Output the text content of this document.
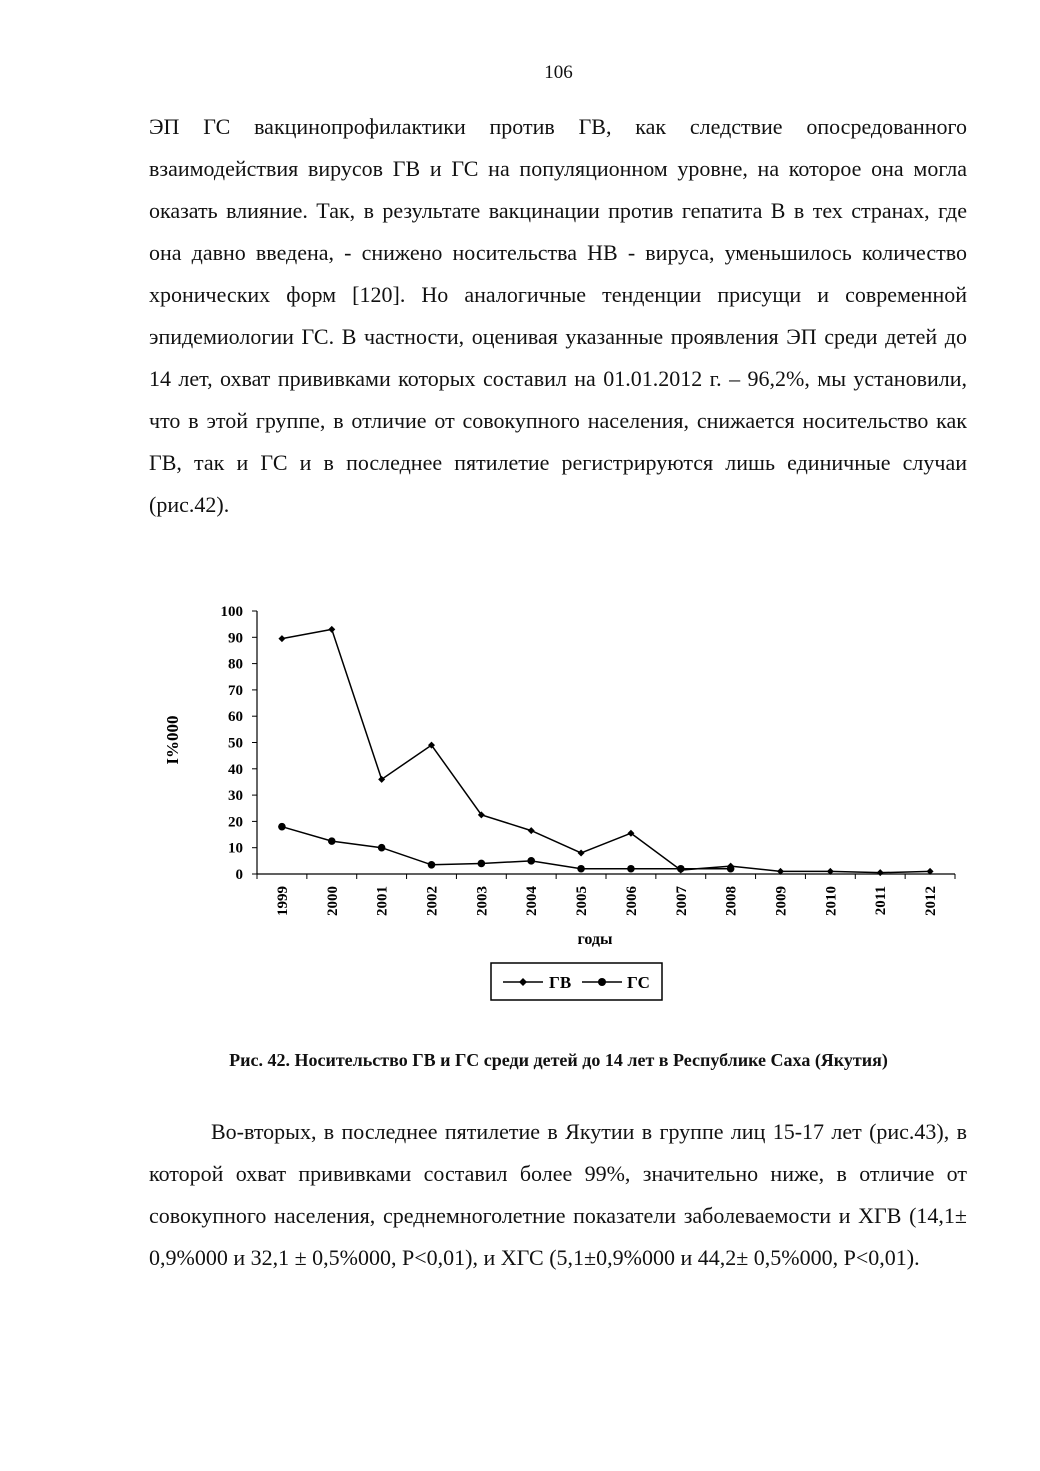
106

ЭП ГС вакцинопрофилактики против ГВ, как следствие опосредованного взаимодействия вирусов ГВ и ГС на популяционном уровне, на которое она могла оказать влияние. Так, в результате вакцинации против гепатита В в тех странах, где она давно введена, - снижено носительства НВ - вируса, уменьшилось количество хронических форм [120]. Но аналогичные тенденции присущи и современной эпидемиологии ГС. В частности, оценивая указанные проявления ЭП среди детей до 14 лет, охват прививками которых составил на 01.01.2012 г. – 96,2%, мы установили, что в этой группе, в отличие от совокупного населения, снижается носительство как ГВ, так и ГС и в последнее пятилетие регистрируются лишь единичные случаи (рис.42).

0
10
20
30
40
50
60
70
80
90
100
1999 2000 2001 2002 2003 2004 2005 2006 2007 2008 2009 2010 2011 2012
I%000
годы
ГВ	ГС
Рис. 42. Носительство ГВ и ГС среди детей до 14 лет в Республике Саха (Якутия)

Во-вторых, в последнее пятилетие в Якутии в группе лиц 15-17 лет (рис.43), в которой охват прививками составил более 99%, значительно ниже, в отличие от совокупного населения, среднемноголетние показатели заболеваемости и ХГВ (14,1± 0,9%000 и 32,1 ± 0,5%000, P<0,01), и ХГС (5,1±0,9%000 и 44,2± 0,5%000, P<0,01).
